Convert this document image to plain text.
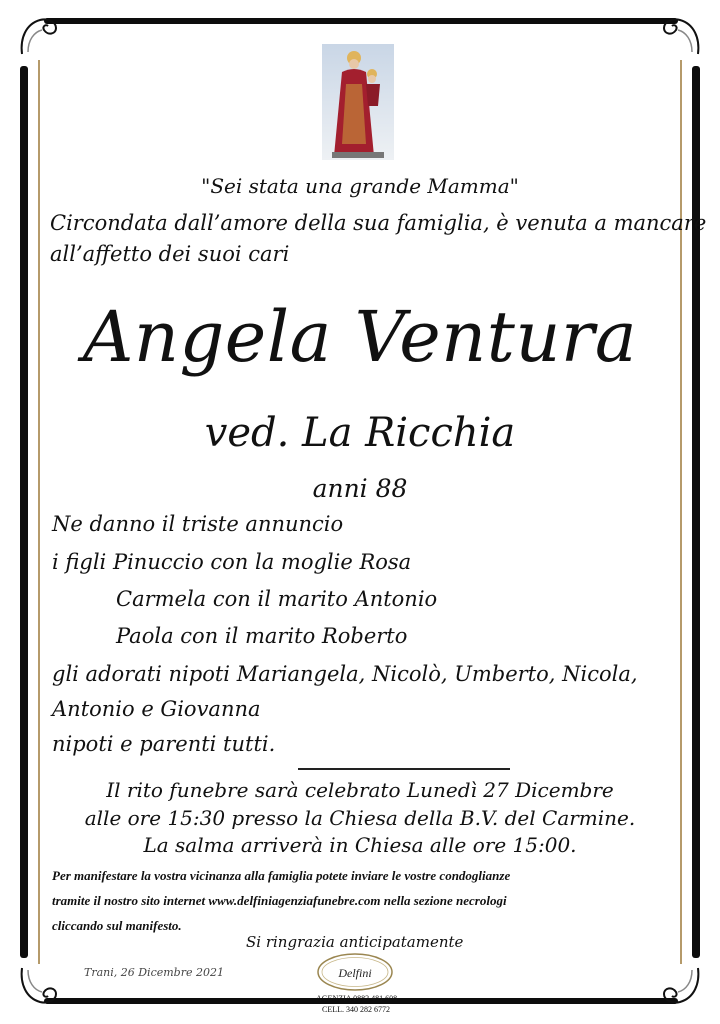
"Sei stata una grande Mamma"
Circondata dall’amore della sua famiglia, è venuta a mancare
all’affetto dei suoi cari
Angela Ventura
ved. La Ricchia
anni 88
Ne danno il triste annuncio
i figli Pinuccio con la moglie Rosa
Carmela con il marito Antonio
Paola con il marito Roberto
gli adorati nipoti Mariangela, Nicolò, Umberto, Nicola,
Antonio e Giovanna
nipoti e parenti tutti.
Il rito funebre sarà celebrato Lunedì 27 Dicembre
alle ore 15:30 presso la Chiesa della B.V. del Carmine.
La salma arriverà in Chiesa alle ore 15:00.
Per manifestare la vostra vicinanza alla famiglia potete inviare le vostre condoglianze
tramite il nostro sito internet www.delfiniagenziafunebre.com nella sezione necrologi
cliccando sul manifesto.
Si ringrazia anticipatamente
Trani, 26 Dicembre 2021	Delfini
AGENZIA 0883 481 608
CELL. 340 282 6772
